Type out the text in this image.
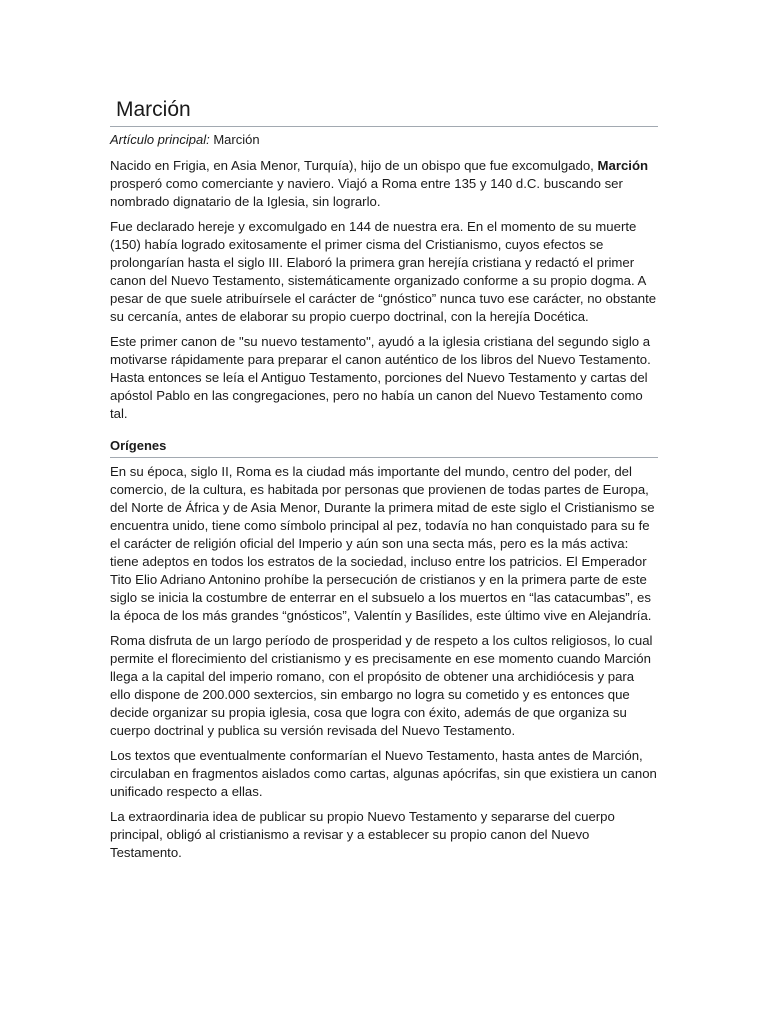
Marción
Artículo principal: Marción

Nacido en Frigia, en Asia Menor, Turquía), hijo de un obispo que fue excomulgado, Marción prosperó como comerciante y naviero. Viajó a Roma entre 135 y 140 d.C. buscando ser nombrado dignatario de la Iglesia, sin lograrlo.

Fue declarado hereje y excomulgado en 144 de nuestra era. En el momento de su muerte (150) había logrado exitosamente el primer cisma del Cristianismo, cuyos efectos se prolongarían hasta el siglo III. Elaboró la primera gran herejía cristiana y redactó el primer canon del Nuevo Testamento, sistemáticamente organizado conforme a su propio dogma. A pesar de que suele atribuírsele el carácter de “gnóstico” nunca tuvo ese carácter, no obstante su cercanía, antes de elaborar su propio cuerpo doctrinal, con la herejía Docética.

Este primer canon de "su nuevo testamento", ayudó a la iglesia cristiana del segundo siglo a motivarse rápidamente para preparar el canon auténtico de los libros del Nuevo Testamento. Hasta entonces se leía el Antiguo Testamento, porciones del Nuevo Testamento y cartas del apóstol Pablo en las congregaciones, pero no había un canon del Nuevo Testamento como tal.

Orígenes

En su época, siglo II, Roma es la ciudad más importante del mundo, centro del poder, del comercio, de la cultura, es habitada por personas que provienen de todas partes de Europa, del Norte de África y de Asia Menor, Durante la primera mitad de este siglo el Cristianismo se encuentra unido, tiene como símbolo principal al pez, todavía no han conquistado para su fe el carácter de religión oficial del Imperio y aún son una secta más, pero es la más activa: tiene adeptos en todos los estratos de la sociedad, incluso entre los patricios. El Emperador Tito Elio Adriano Antonino prohíbe la persecución de cristianos y en la primera parte de este siglo se inicia la costumbre de enterrar en el subsuelo a los muertos en “las catacumbas”, es la época de los más grandes “gnósticos”, Valentín y Basílides, este último vive en Alejandría.

Roma disfruta de un largo período de prosperidad y de respeto a los cultos religiosos, lo cual permite el florecimiento del cristianismo y es precisamente en ese momento cuando Marción llega a la capital del imperio romano, con el propósito de obtener una archidiócesis y para ello dispone de 200.000 sextercios, sin embargo no logra su cometido y es entonces que decide organizar su propia iglesia, cosa que logra con éxito, además de que organiza su cuerpo doctrinal y publica su versión revisada del Nuevo Testamento.

Los textos que eventualmente conformarían el Nuevo Testamento, hasta antes de Marción, circulaban en fragmentos aislados como cartas, algunas apócrifas, sin que existiera un canon unificado respecto a ellas.

La extraordinaria idea de publicar su propio Nuevo Testamento y separarse del cuerpo principal, obligó al cristianismo a revisar y a establecer su propio canon del Nuevo Testamento.
